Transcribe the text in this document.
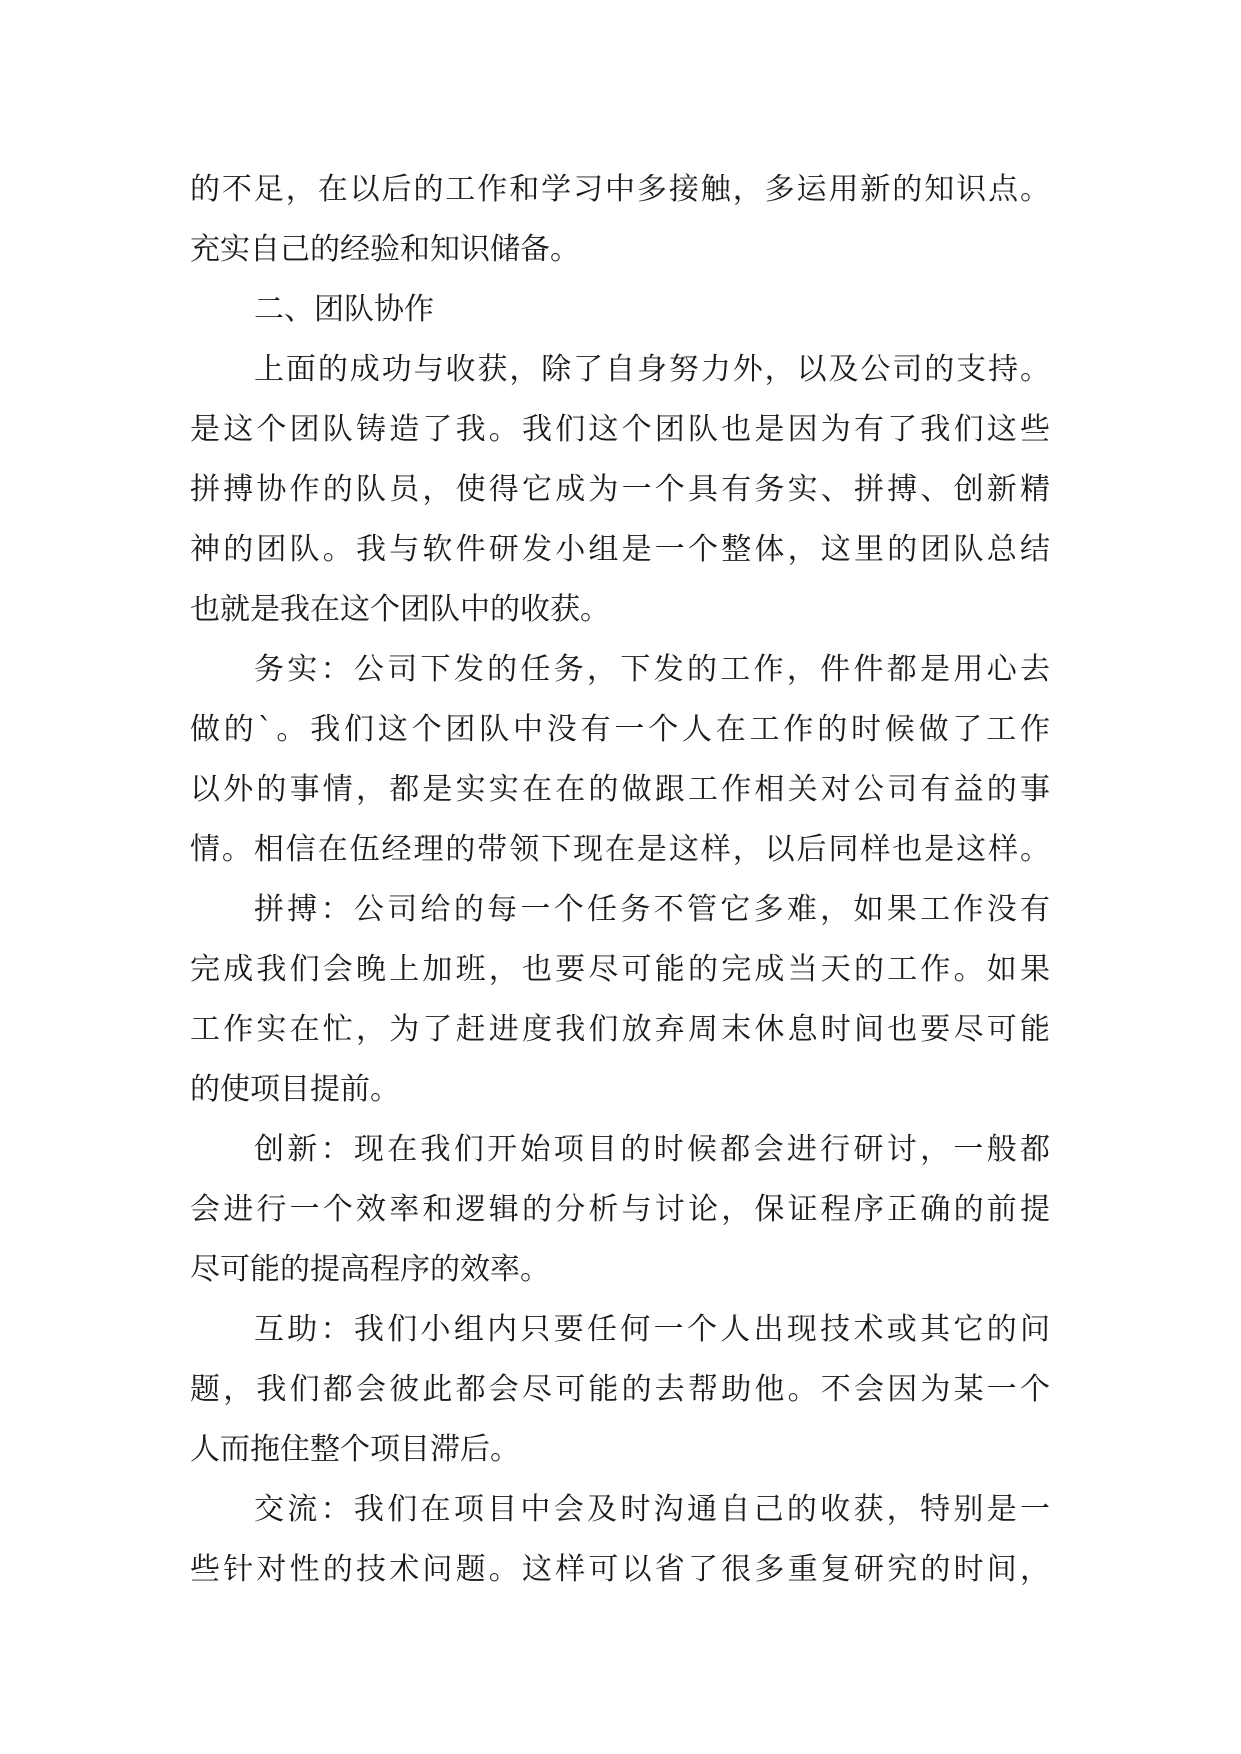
的不足，在以后的工作和学习中多接触，多运用新的知识点。
充实自己的经验和知识储备。
二、团队协作
上面的成功与收获，除了自身努力外，以及公司的支持。
是这个团队铸造了我。我们这个团队也是因为有了我们这些
拼搏协作的队员，使得它成为一个具有务实、拼搏、创新精
神的团队。我与软件研发小组是一个整体，这里的团队总结
也就是我在这个团队中的收获。
务实：公司下发的任务，下发的工作，件件都是用心去
做的`。我们这个团队中没有一个人在工作的时候做了工作
以外的事情，都是实实在在的做跟工作相关对公司有益的事
情。相信在伍经理的带领下现在是这样，以后同样也是这样。
拼搏：公司给的每一个任务不管它多难，如果工作没有
完成我们会晚上加班，也要尽可能的完成当天的工作。如果
工作实在忙，为了赶进度我们放弃周末休息时间也要尽可能
的使项目提前。
创新：现在我们开始项目的时候都会进行研讨，一般都
会进行一个效率和逻辑的分析与讨论，保证程序正确的前提
尽可能的提高程序的效率。
互助：我们小组内只要任何一个人出现技术或其它的问
题，我们都会彼此都会尽可能的去帮助他。不会因为某一个
人而拖住整个项目滞后。
交流：我们在项目中会及时沟通自己的收获，特别是一
些针对性的技术问题。这样可以省了很多重复研究的时间，
